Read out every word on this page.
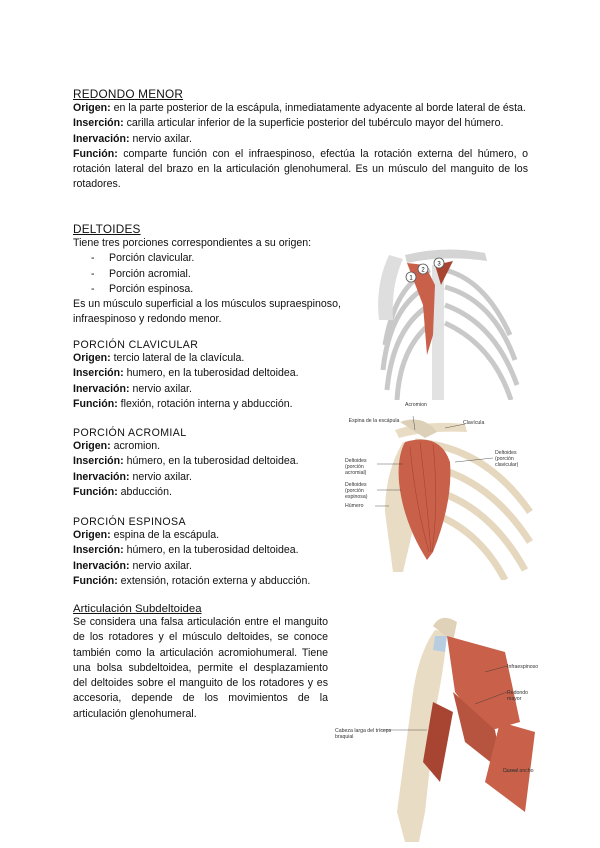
REDONDO MENOR

Origen: en la parte posterior de la escápula, inmediatamente adyacente al borde lateral de ésta.

Inserción: carilla articular inferior de la superficie posterior del tubérculo mayor del húmero.

Inervación: nervio axilar.

Función: comparte función con el infraespinoso, efectúa la rotación externa del húmero, o rotación lateral del brazo en la articulación glenohumeral. Es un músculo del manguito de los rotadores.

DELTOIDES

Tiene tres porciones correspondientes a su origen:

- Porción clavicular.
- Porción acromial.
- Porción espinosa.

Es un músculo superficial a los músculos supraespinoso, infraespinoso y redondo menor.

PORCIÓN CLAVICULAR

Origen: tercio lateral de la clavícula.

Inserción: humero, en la tuberosidad deltoidea.

Inervación: nervio axilar.

Función: flexión, rotación interna y abducción.

PORCIÓN ACROMIAL

Origen: acromion.

Inserción: húmero, en la tuberosidad deltoidea.

Inervación: nervio axilar.

Función: abducción.

PORCIÓN ESPINOSA

Origen: espina de la escápula.

Inserción: húmero, en la tuberosidad deltoidea.

Inervación: nervio axilar.

Función: extensión, rotación externa y abducción.

Articulación Subdeltoidea

Se considera una falsa articulación entre el manguito de los rotadores y el músculo deltoides, se conoce también como la articulación acromiohumeral. Tiene una bolsa subdeltoidea, permite el desplazamiento del deltoides sobre el manguito de los rotadores y es accesoria, depende de los movimientos de la articulación glenohumeral.

1
2
3
Acromion
Espina de la escápula	Clavícula
Deltoides (porción acromial)
Deltoides (porción espinosa)
Deltoides (porción clavicular)
Húmero
Infraespinoso
Redondo mayor
Cabeza larga del tríceps braquial
Dorsal ancho
